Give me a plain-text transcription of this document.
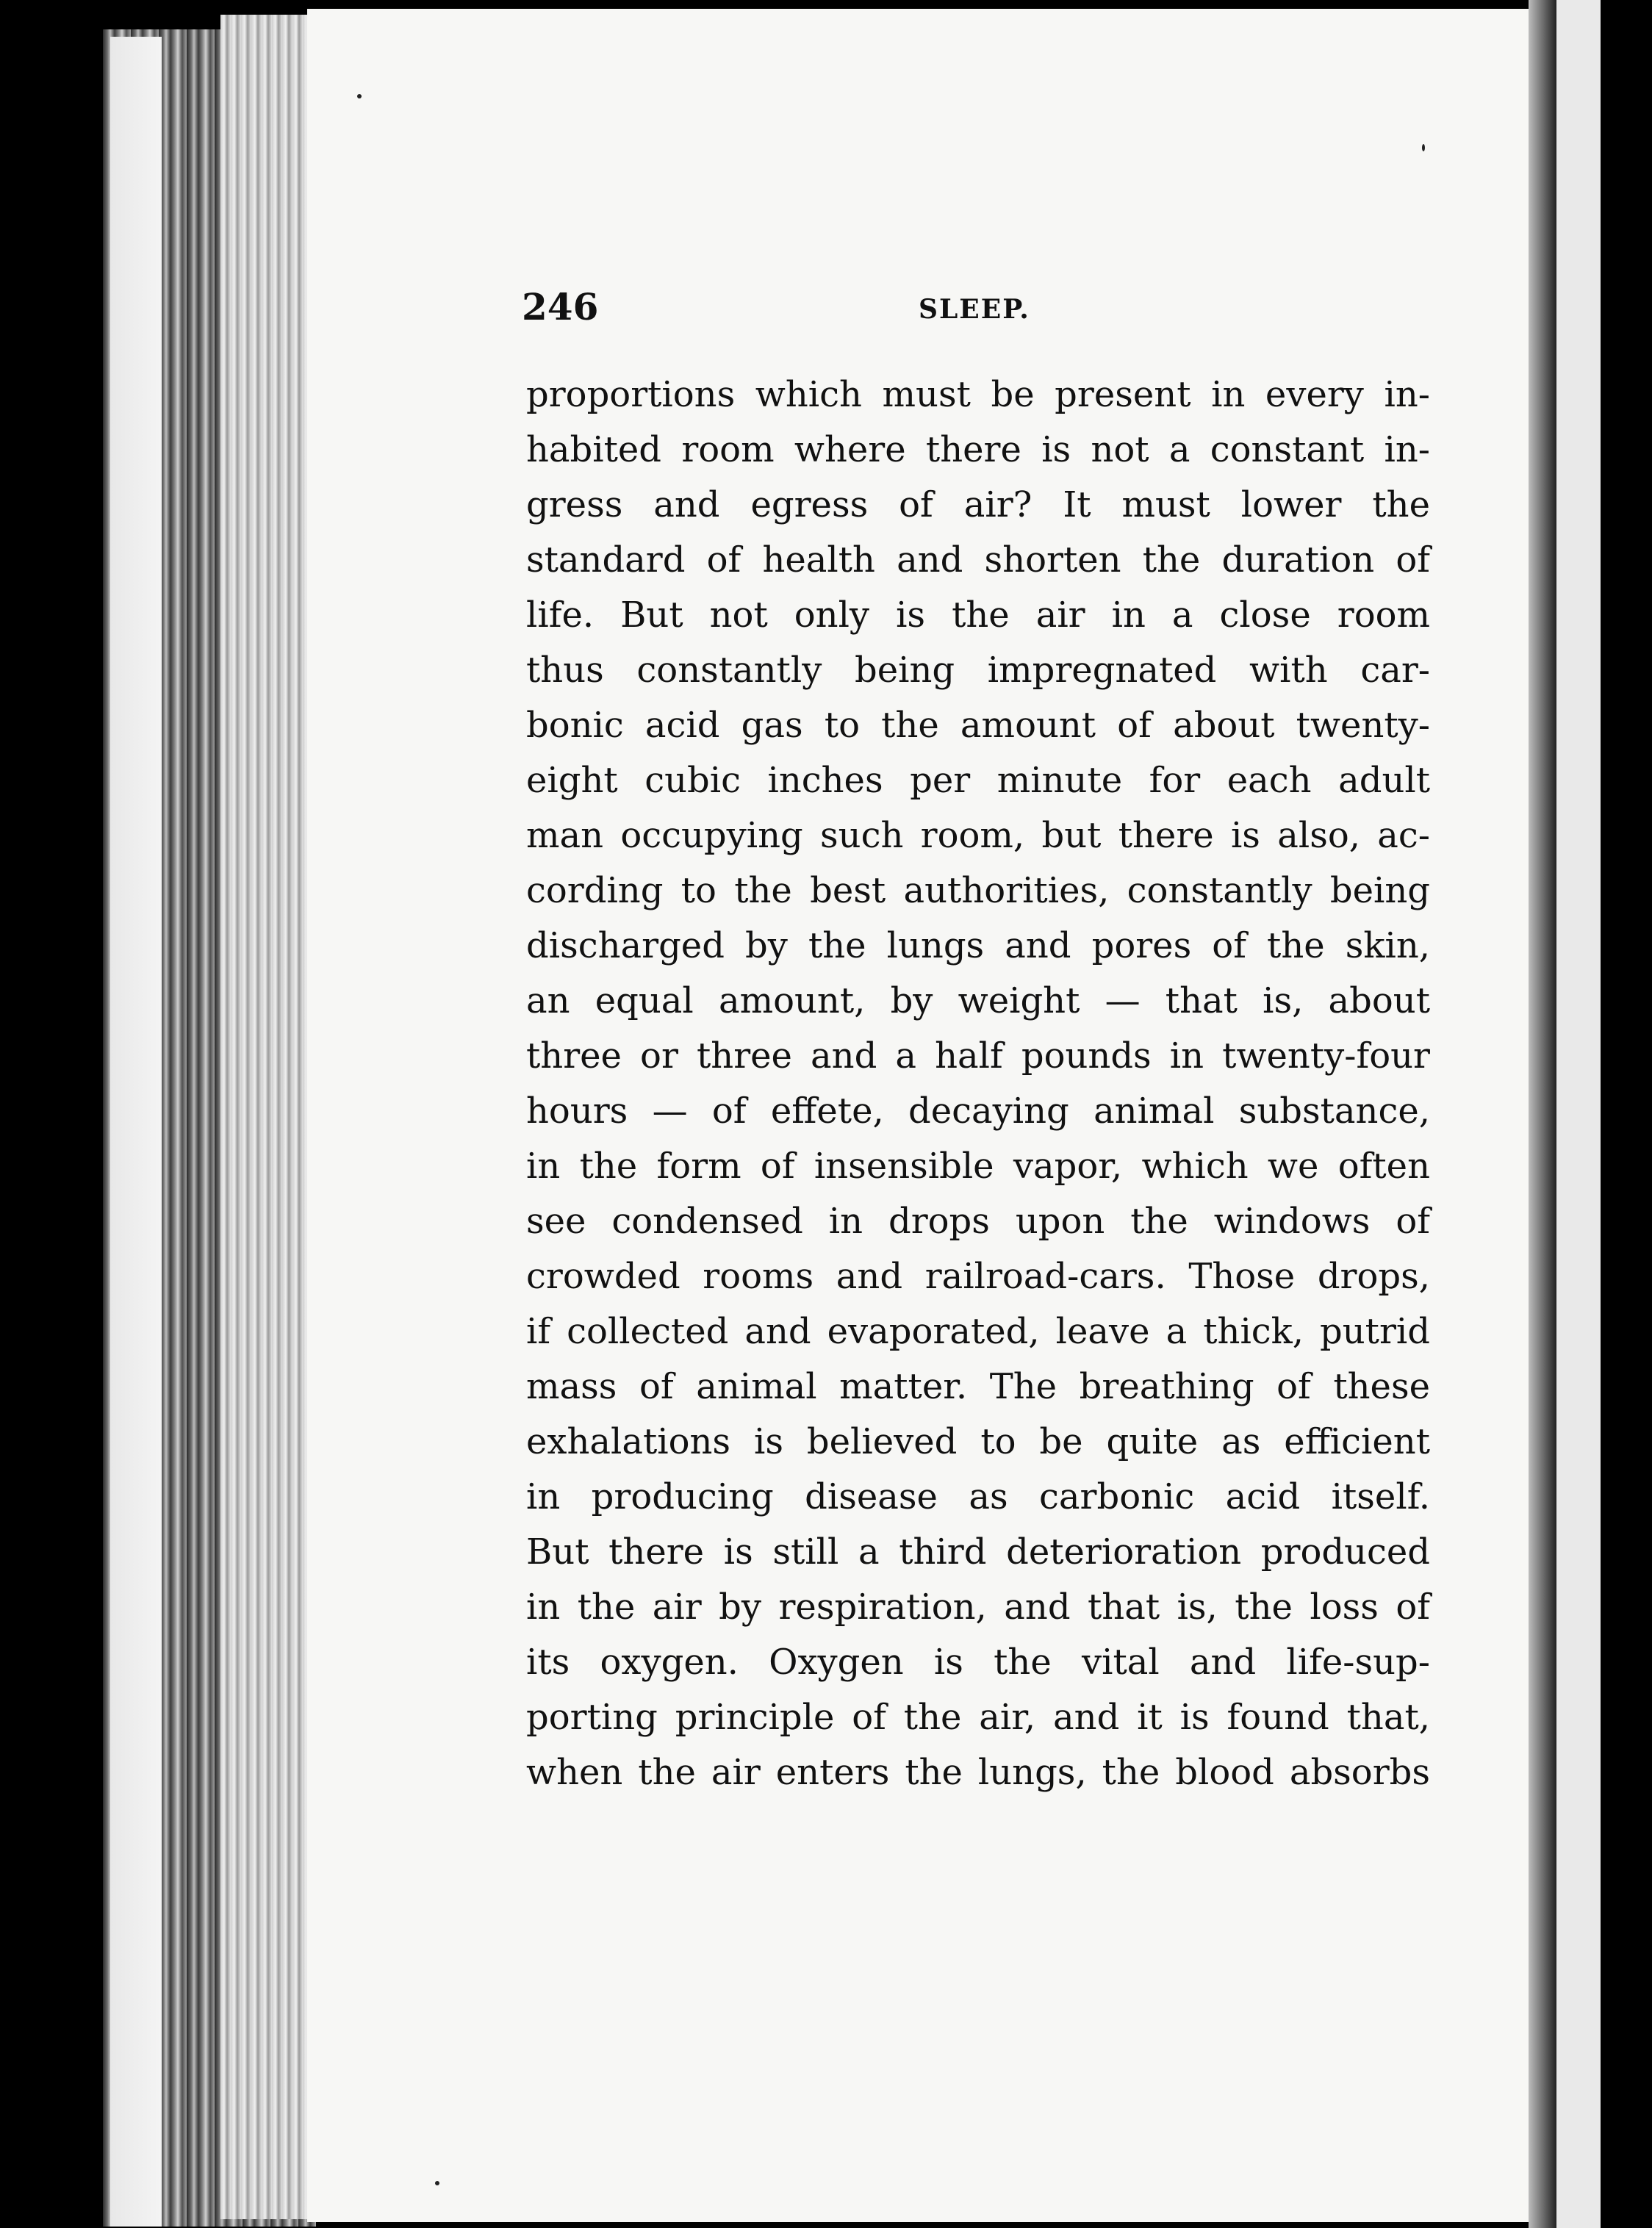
246	SLEEP.
proportions which must be present in every in-
habited room where there is not a constant in-
gress and egress of air? It must lower the
standard of health and shorten the duration of
life. But not only is the air in a close room
thus constantly being impregnated with car-
bonic acid gas to the amount of about twenty-
eight cubic inches per minute for each adult
man occupying such room, but there is also, ac-
cording to the best authorities, constantly being
discharged by the lungs and pores of the skin,
an equal amount, by weight — that is, about
three or three and a half pounds in twenty-four
hours — of effete, decaying animal substance,
in the form of insensible vapor, which we often
see condensed in drops upon the windows of
crowded rooms and railroad-cars. Those drops,
if collected and evaporated, leave a thick, putrid
mass of animal matter. The breathing of these
exhalations is believed to be quite as efficient
in producing disease as carbonic acid itself.
But there is still a third deterioration produced
in the air by respiration, and that is, the loss of
its oxygen. Oxygen is the vital and life-sup-
porting principle of the air, and it is found that,
when the air enters the lungs, the blood absorbs
